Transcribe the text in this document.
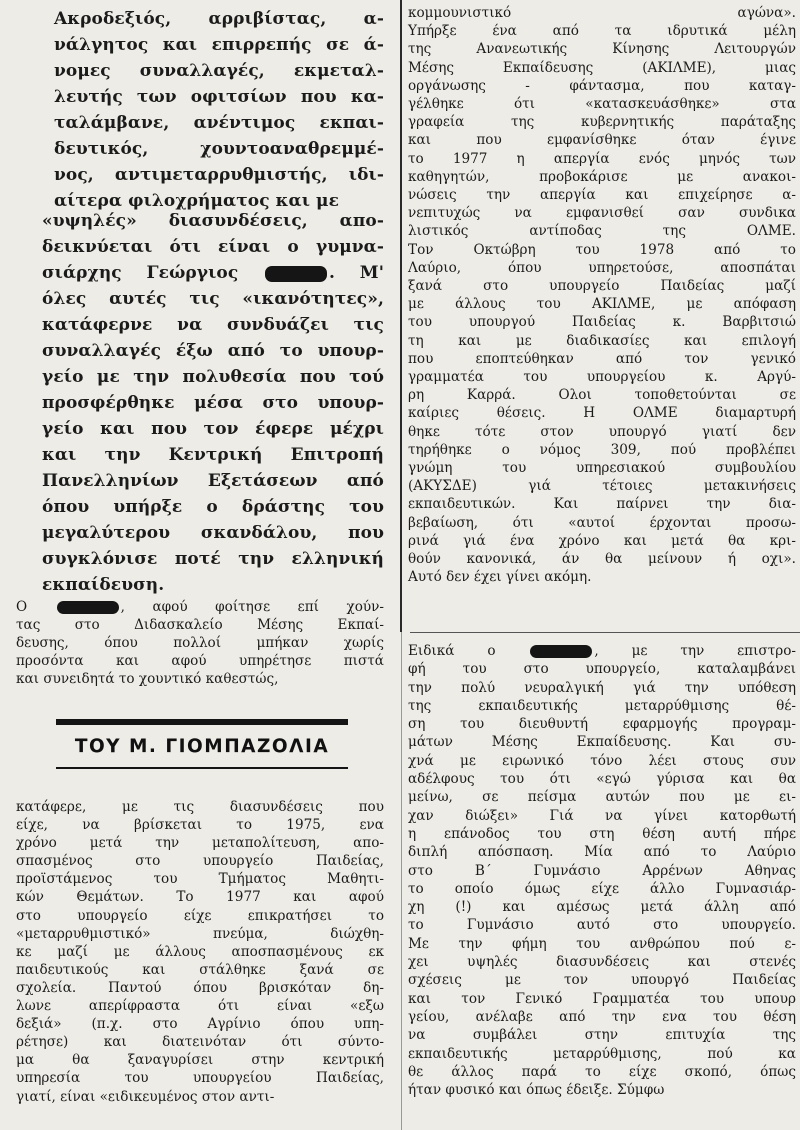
Ακροδεξιός, αρριβίστας, α-
νάλγητος και επιρρεπής σε ά-
νομες συναλλαγές, εκμεταλ-
λευτής των οφιτσίων που κα-
ταλάμβανε, ανέντιμος εκπαι-
δευτικός, χουντοαναθρεμμέ-
νος, αντιμεταρρυθμιστής, ιδι-
αίτερα φιλοχρήματος και με
«υψηλές» διασυνδέσεις, απο-
δεικνύεται ότι είναι ο γυμνα-
σιάρχης Γεώργιος	. Μ'
όλες αυτές τις «ικανότητες»,
κατάφερνε να συνδυάζει τις
συναλλαγές έξω από το υπουρ-
γείο με την πολυθεσία που τού
προσφέρθηκε μέσα στο υπουρ-
γείο και που τον έφερε μέχρι
και την Κεντρική Επιτροπή
Πανελληνίων Εξετάσεων από
όπου υπήρξε ο δράστης του
μεγαλύτερου σκανδάλου, που
συγκλόνισε ποτέ την ελληνική
εκπαίδευση.
Ο	, αφού φοίτησε επί χούν-
τας στο Διδασκαλείο Μέσης Εκπαί-
δευσης, όπου πολλοί μπήκαν χωρίς
προσόντα και αφού υπηρέτησε πιστά
και συνειδητά το χουντικό καθεστώς,
κατάφερε, με τις διασυνδέσεις που
είχε, να βρίσκεται το 1975, ενα
χρόνο μετά την μεταπολίτευση, απο-
σπασμένος στο υπουργείο Παιδείας,
προϊστάμενος του Τμήματος Μαθητι-
κών Θεμάτων. Το 1977 και αφού
στο υπουργείο είχε επικρατήσει το
«μεταρρυθμιστικό» πνεύμα, διώχθη-
κε μαζί με άλλους αποσπασμένους εκ
παιδευτικούς και στάλθηκε ξανά σε
σχολεία. Παντού όπου βρισκόταν δη-
λωνε απερίφραστα ότι είναι «εξω
δεξιά» (π.χ. στο Αγρίνιο όπου υπη-
ρέτησε) και διατεινόταν ότι σύντο-
μα θα ξαναγυρίσει στην κεντρική
υπηρεσία του υπουργείου Παιδείας,
γιατί, είναι «ειδικευμένος στον αντι-
ΤΟΥ Μ. ΓΙΟΜΠΑΖΟΛΙΑ
κομμουνιστικό αγώνα».
Υπήρξε ένα από τα ιδρυτικά μέλη
της Ανανεωτικής Κίνησης Λειτουργών
Μέσης Εκπαίδευσης (ΑΚΙΛΜΕ), μιας
οργάνωσης - φάντασμα, που καταγ-
γέλθηκε ότι «κατασκευάσθηκε» στα
γραφεία της κυβερνητικής παράταξης
και που εμφανίσθηκε όταν έγινε
το 1977 η απεργία ενός μηνός των
καθηγητών, προβοκάρισε με ανακοι-
νώσεις την απεργία και επιχείρησε α-
νεπιτυχώς να εμφανισθεί σαν συνδικα
λιστικός αντίποδας της ΟΛΜΕ.
Τον Οκτώβρη του 1978 από το
Λαύριο, όπου υπηρετούσε, αποσπάται
ξανά στο υπουργείο Παιδείας μαζί
με άλλους του ΑΚΙΛΜΕ, με απόφαση
του υπουργού Παιδείας κ. Βαρβιτσιώ
τη και με διαδικασίες και επιλογή
που εποπτεύθηκαν από τον γενικό
γραμματέα του υπουργείου κ. Αργύ-
ρη Καρρά. Ολοι τοποθετούνται σε
καίριες θέσεις. Η ΟΛΜΕ διαμαρτυρή
θηκε τότε στον υπουργό γιατί δεν
τηρήθηκε ο νόμος 309, πού προβλέπει
γνώμη του υπηρεσιακού συμβουλίου
(ΑΚΥΣΔΕ) γιά τέτοιες μετακινήσεις
εκπαιδευτικών. Και παίρνει την δια-
βεβαίωση, ότι «αυτοί έρχονται προσω-
ρινά γιά ένα χρόνο και μετά θα κρι-
θούν κανονικά, άν θα μείνουν ή οχι».
Αυτό δεν έχει γίνει ακόμη.
Ειδικά ο	, με την επιστρο-
φή του στο υπουργείο, καταλαμβάνει
την πολύ νευραλγική γιά την υπόθεση
της εκπαιδευτικής μεταρρύθμισης θέ-
ση του διευθυντή εφαρμογής προγραμ-
μάτων Μέσης Εκπαίδευσης. Και συ-
χνά με ειρωνικό τόνο λέει στους συν
αδέλφους του ότι «εγώ γύρισα και θα
μείνω, σε πείσμα αυτών που με ει-
χαν διώξει» Γιά να γίνει κατορθωτή
η επάνοδος του στη θέση αυτή πήρε
διπλή απόσπαση. Μία από το Λαύριο
στο Β΄ Γυμνάσιο Αρρένων Αθηνας
το οποίο όμως είχε άλλο Γυμνασιάρ-
χη (!) και αμέσως μετά άλλη από
το Γυμνάσιο αυτό στο υπουργείο.
Με την φήμη του ανθρώπου πού ε-
χει υψηλές διασυνδέσεις και στενές
σχέσεις με τον υπουργό Παιδείας
και τον Γενικό Γραμματέα του υπουρ
γείου, ανέλαβε από την ενα του θέση
να συμβάλει στην επιτυχία της
εκπαιδευτικής μεταρρύθμισης, πού κα
θε άλλος παρά το είχε σκοπό, όπως
ήταν φυσικό και όπως έδειξε. Σύμφω
